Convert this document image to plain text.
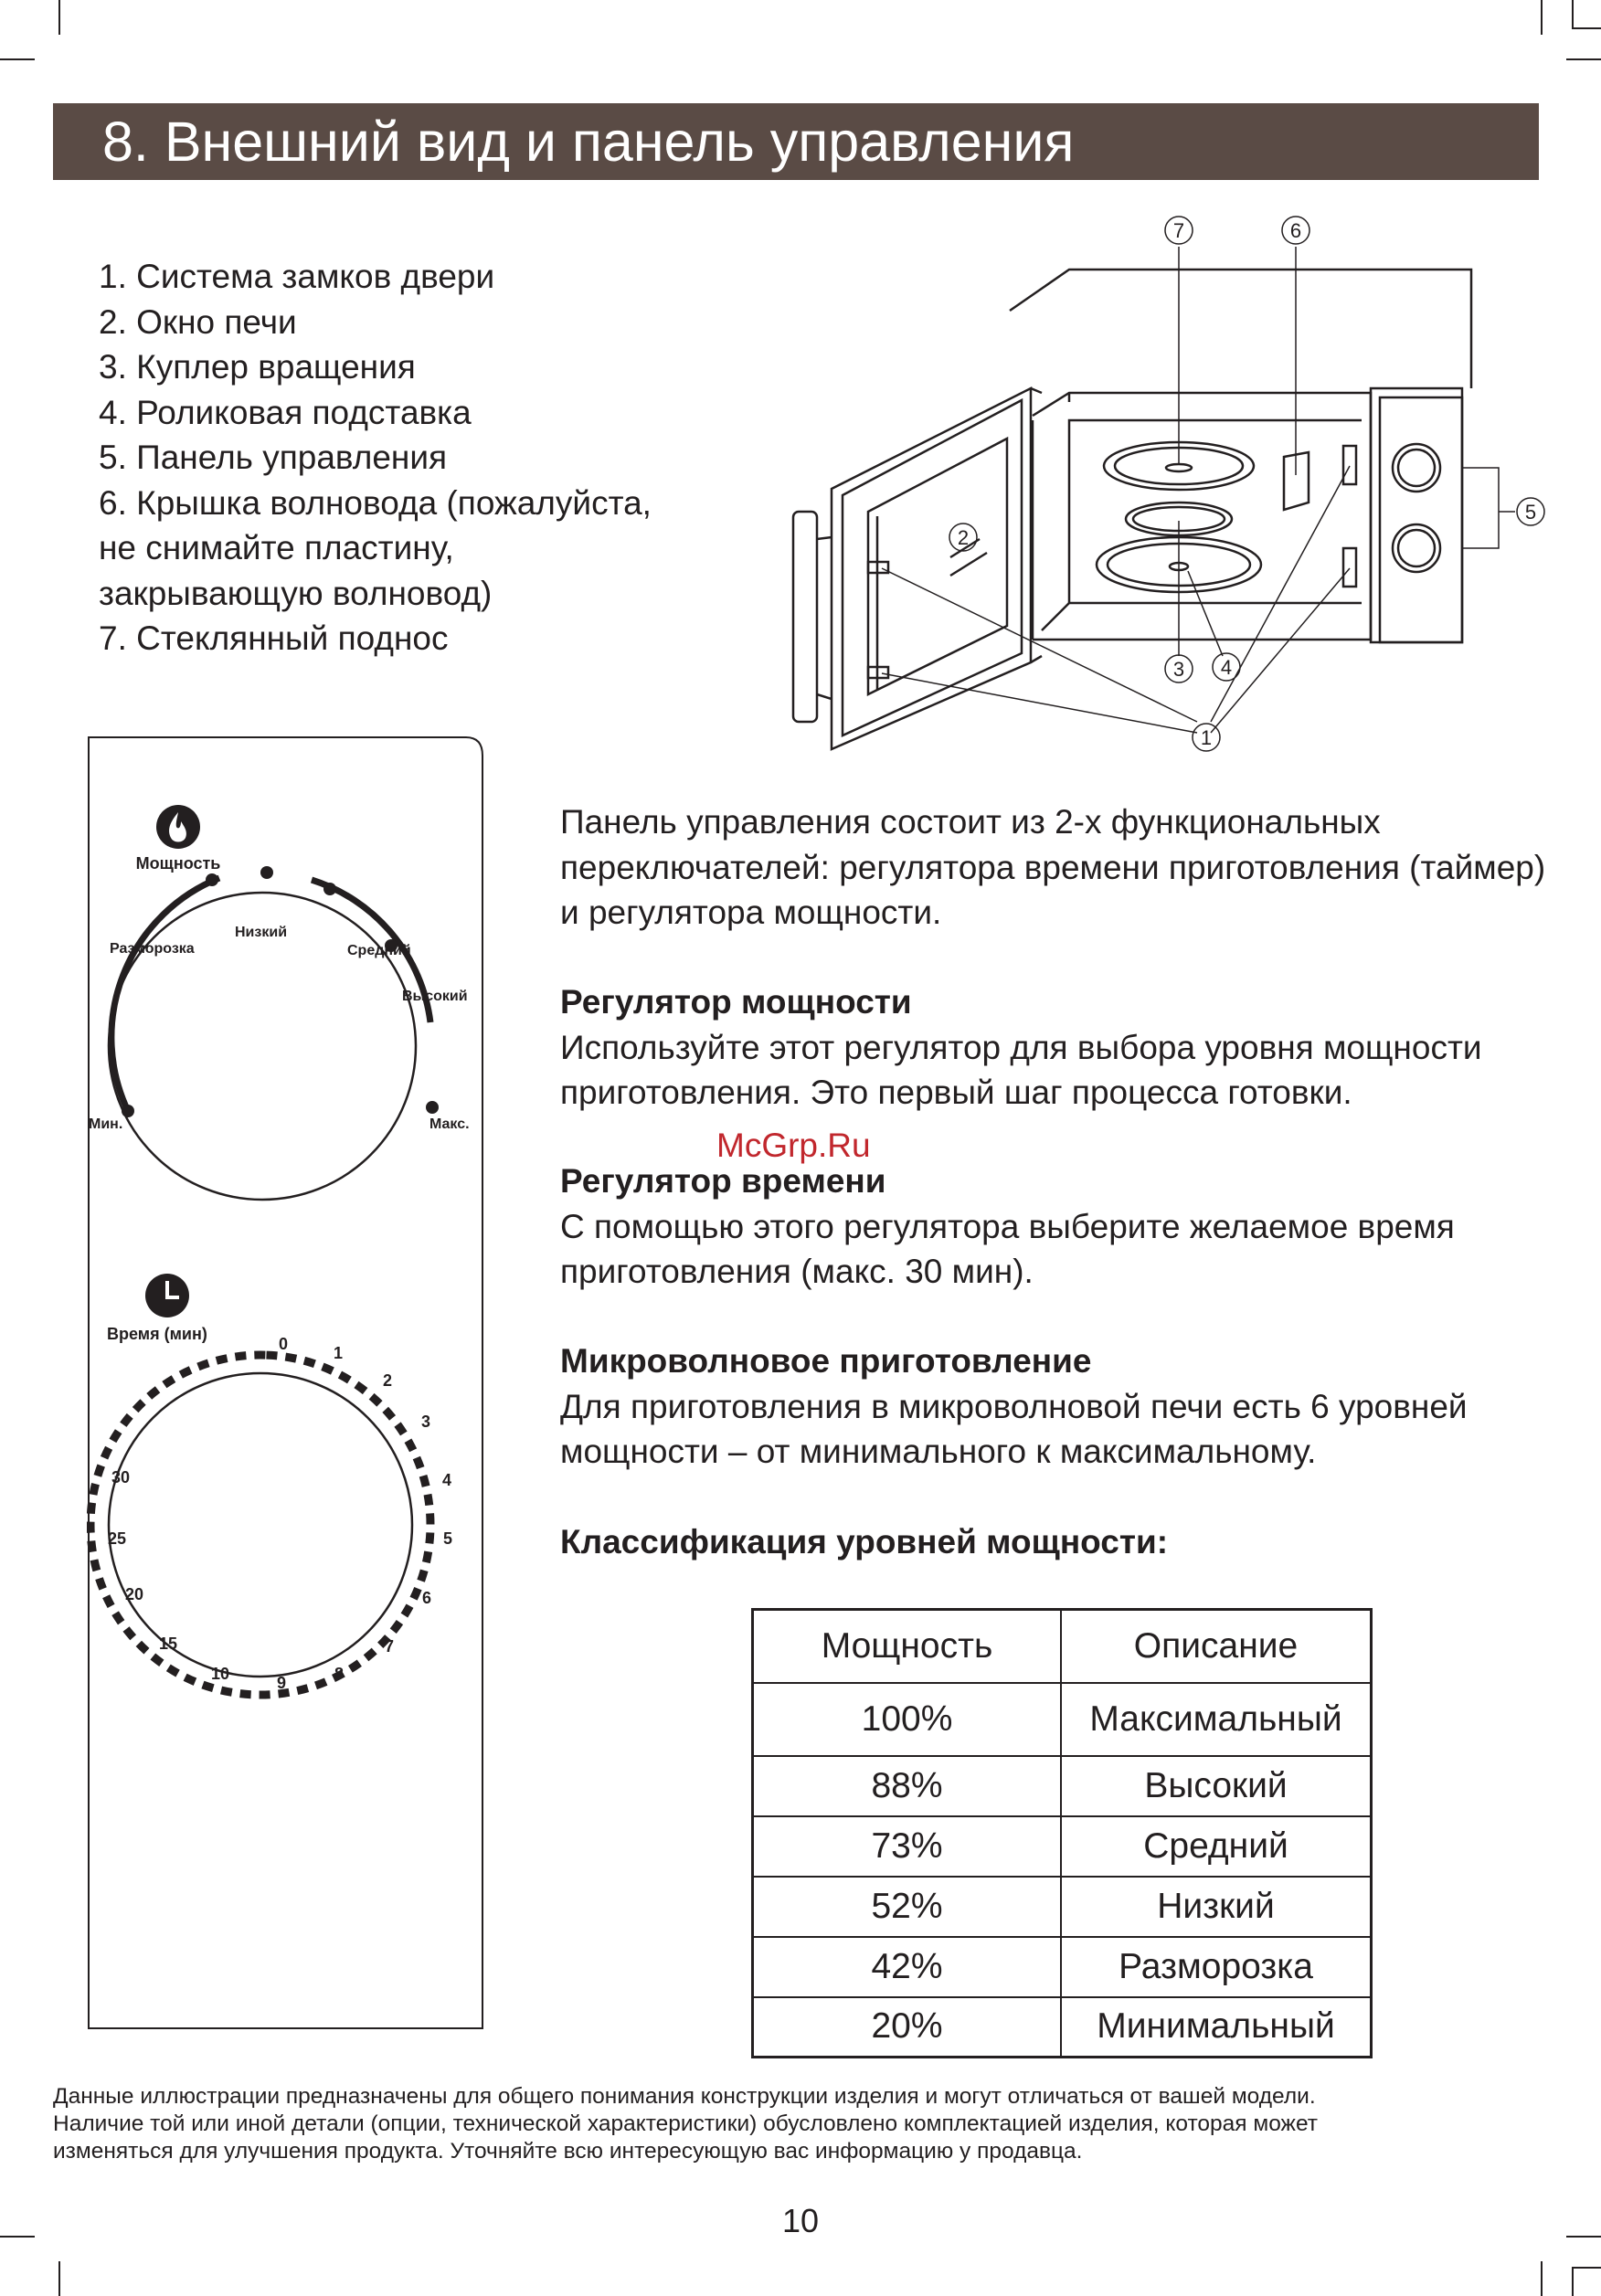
8. Внешний вид и панель управления
1. Система замков двери
2. Окно печи
3. Куплер вращения
4. Роликовая подставка
5. Панель управления
6. Крышка волновода (пожалуйста,
не снимайте пластину,
закрывающую волновод)
7. Стеклянный поднос
7	6
5
2
3 4
1
Мощность
Мин.
Разморозка
Низкий
Средний
Высокий
Макс.
Время (мин)
0	1
2
3
4
5
6
7
8
9
10
15
20
25
30

Панель управления состоит из 2-х функциональных переключателей: регулятора времени приготовления (таймер) и регулятора мощности.

Регулятор мощности

Используйте этот регулятор для выбора уровня мощности приготовления. Это первый шаг процесса готовки.

McGrp.Ru
Регулятор времени

С помощью этого регулятора выберите желаемое время приготовления (макс. 30 мин).

Микроволновое приготовление

Для приготовления в микроволновой печи есть 6 уровней мощности – от минимального к максимальному.

Классификация уровней мощности:
Мощность	Описание
100%	Максимальный
88%	Высокий
73%	Средний
52%	Низкий
42%	Разморозка
20%	Минимальный
Данные иллюстрации предназначены для общего понимания конструкции изделия и могут отличаться от вашей модели.
Наличие той или иной детали (опции, технической характеристики) обусловлено комплектацией изделия, которая может
изменяться для улучшения продукта. Уточняйте всю интересующую вас информацию у продавца.
10
